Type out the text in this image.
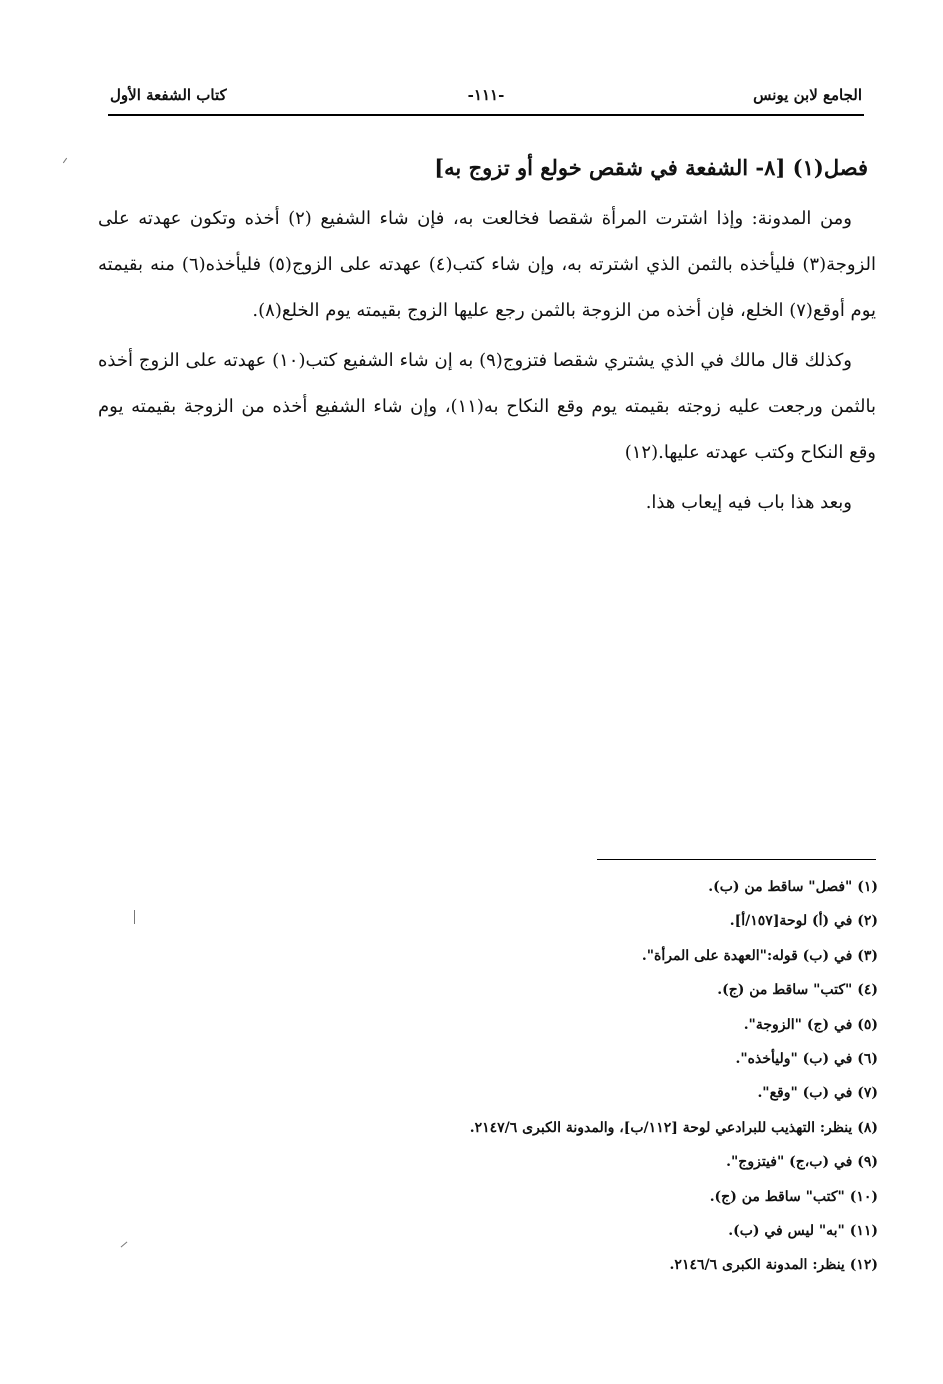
الجامع لابن يونس
-١١١-
كتاب الشفعة الأول
فصل(١) [٨- الشفعة في شقص خولع أو تزوج به]

ومن المدونة: وإذا اشترت المرأة شقصا فخالعت به، فإن شاء الشفيع (٢) أخذه وتكون عهدته على الزوجة(٣) فليأخذه بالثمن الذي اشترته به، وإن شاء كتب(٤) عهدته على الزوج(٥) فليأخذه(٦) منه بقيمته يوم أوقع(٧) الخلع، فإن أخذه من الزوجة بالثمن رجع عليها الزوج بقيمته يوم الخلع(٨).

وكذلك قال مالك في الذي يشتري شقصا فتزوج(٩) به إن شاء الشفيع كتب(١٠) عهدته على الزوج أخذه بالثمن ورجعت عليه زوجته بقيمته يوم وقع النكاح به(١١)، وإن شاء الشفيع أخذه من الزوجة بقيمته يوم وقع النكاح وكتب عهدته عليها.(١٢)

وبعد هذا باب فيه إيعاب هذا.

(١) "فصل" ساقط من (ب).
(٢) في (أ) لوحة[١٥٧/أ].
(٣) في (ب) قوله:"العهدة على المرأة".
(٤) "كتب" ساقط من (ج).
(٥) في (ج) "الزوجة".
(٦) في (ب) "وليأخذه".
(٧) في (ب) "وقع".
(٨) ينظر: التهذيب للبرادعي لوحة [١١٢/ب]، والمدونة الكبرى ٢١٤٧/٦.
(٩) في (ب،ج) "فيتزوج".
(١٠) "كتب" ساقط من (ج).
(١١) "به" ليس في (ب).
(١٢) ينظر: المدونة الكبرى ٢١٤٦/٦.
